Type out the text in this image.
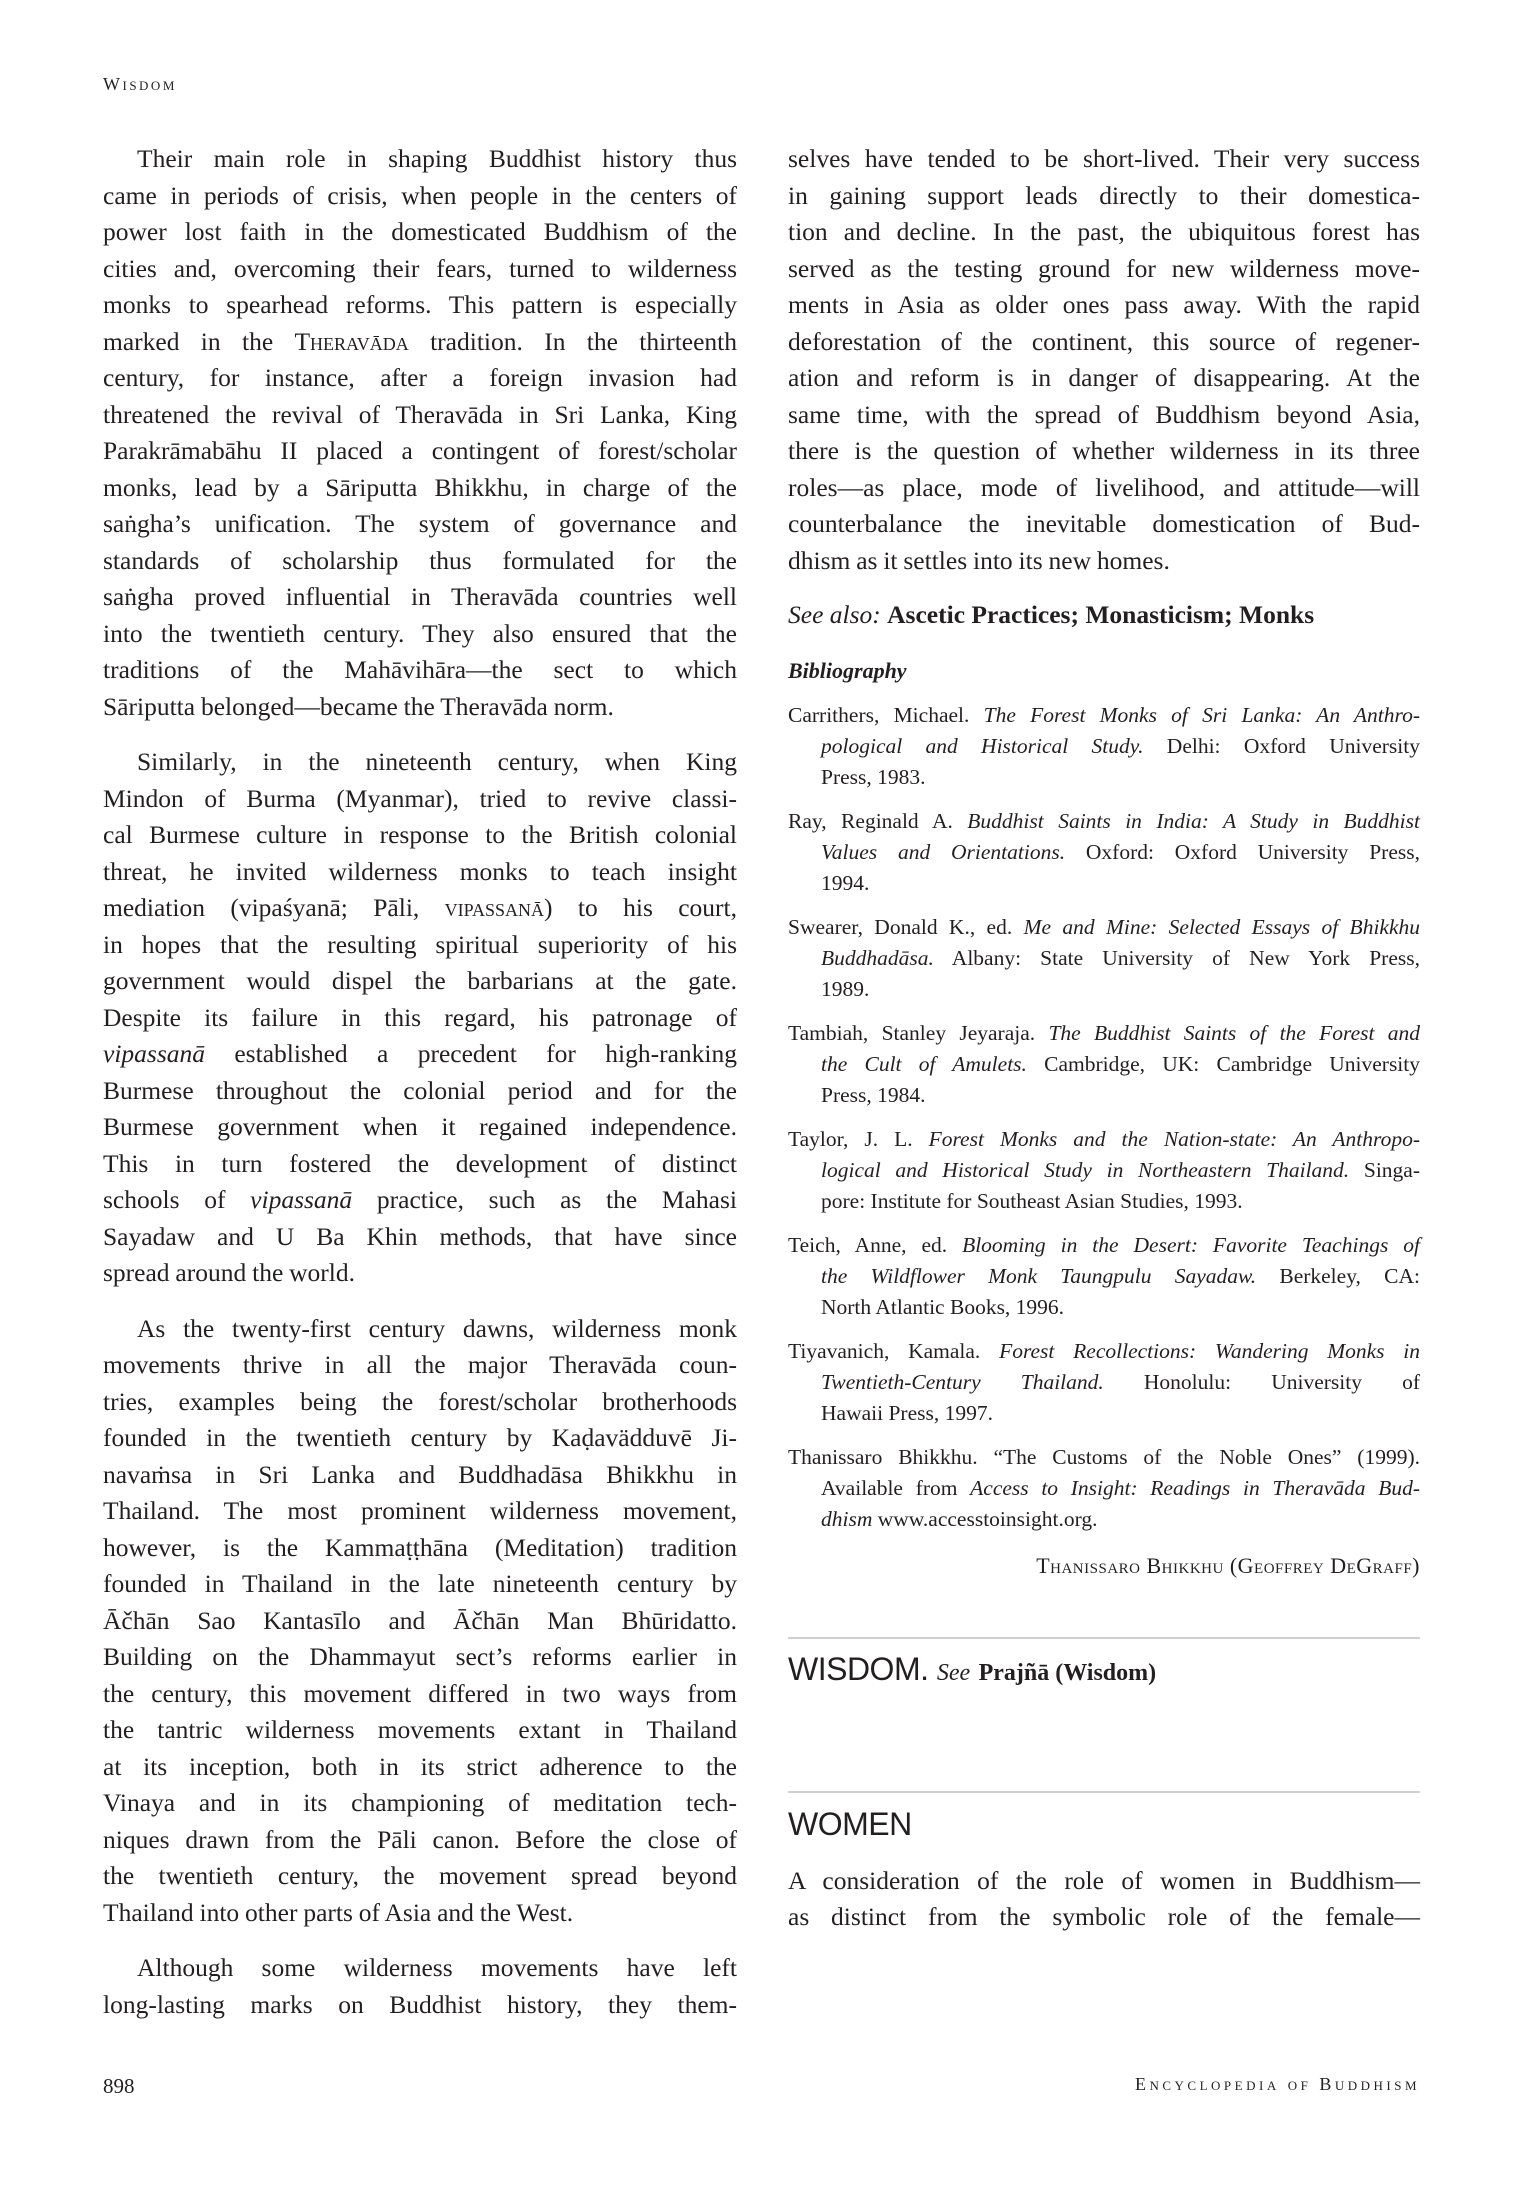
Wisdom
Their main role in shaping Buddhist history thus
came in periods of crisis, when people in the centers of
power lost faith in the domesticated Buddhism of the
cities and, overcoming their fears, turned to wilderness
monks to spearhead reforms. This pattern is especially
marked in the Theravāda tradition. In the thirteenth
century, for instance, after a foreign invasion had
threatened the revival of Theravāda in Sri Lanka, King
Parakrāmabāhu II placed a contingent of forest/scholar
monks, lead by a Sāriputta Bhikkhu, in charge of the
saṅgha’s unification. The system of governance and
standards of scholarship thus formulated for the
saṅgha proved influential in Theravāda countries well
into the twentieth century. They also ensured that the
traditions of the Mahāvihāra—the sect to which
Sāriputta belonged—became the Theravāda norm.
Similarly, in the nineteenth century, when King
Mindon of Burma (Myanmar), tried to revive classi-
cal Burmese culture in response to the British colonial
threat, he invited wilderness monks to teach insight
mediation (vipaśyanā; Pāli, vipassanā) to his court,
in hopes that the resulting spiritual superiority of his
government would dispel the barbarians at the gate.
Despite its failure in this regard, his patronage of
vipassanā established a precedent for high-ranking
Burmese throughout the colonial period and for the
Burmese government when it regained independence.
This in turn fostered the development of distinct
schools of vipassanā practice, such as the Mahasi
Sayadaw and U Ba Khin methods, that have since
spread around the world.
As the twenty-first century dawns, wilderness monk
movements thrive in all the major Theravāda coun-
tries, examples being the forest/scholar brotherhoods
founded in the twentieth century by Kaḍavädduvē Ji-
navaṁsa in Sri Lanka and Buddhadāsa Bhikkhu in
Thailand. The most prominent wilderness movement,
however, is the Kammaṭṭhāna (Meditation) tradition
founded in Thailand in the late nineteenth century by
Āčhān Sao Kantasīlo and Āčhān Man Bhūridatto.
Building on the Dhammayut sect’s reforms earlier in
the century, this movement differed in two ways from
the tantric wilderness movements extant in Thailand
at its inception, both in its strict adherence to the
Vinaya and in its championing of meditation tech-
niques drawn from the Pāli canon. Before the close of
the twentieth century, the movement spread beyond
Thailand into other parts of Asia and the West.
Although some wilderness movements have left
long-lasting marks on Buddhist history, they them-
selves have tended to be short-lived. Their very success
in gaining support leads directly to their domestica-
tion and decline. In the past, the ubiquitous forest has
served as the testing ground for new wilderness move-
ments in Asia as older ones pass away. With the rapid
deforestation of the continent, this source of regener-
ation and reform is in danger of disappearing. At the
same time, with the spread of Buddhism beyond Asia,
there is the question of whether wilderness in its three
roles—as place, mode of livelihood, and attitude—will
counterbalance the inevitable domestication of Bud-
dhism as it settles into its new homes.
See also: Ascetic Practices; Monasticism; Monks
Bibliography
Carrithers, Michael. The Forest Monks of Sri Lanka: An Anthro-
pological and Historical Study. Delhi: Oxford University
Press, 1983.
Ray, Reginald A. Buddhist Saints in India: A Study in Buddhist
Values and Orientations. Oxford: Oxford University Press,
1994.
Swearer, Donald K., ed. Me and Mine: Selected Essays of Bhikkhu
Buddhadāsa. Albany: State University of New York Press,
1989.
Tambiah, Stanley Jeyaraja. The Buddhist Saints of the Forest and
the Cult of Amulets. Cambridge, UK: Cambridge University
Press, 1984.
Taylor, J. L. Forest Monks and the Nation-state: An Anthropo-
logical and Historical Study in Northeastern Thailand. Singa-
pore: Institute for Southeast Asian Studies, 1993.
Teich, Anne, ed. Blooming in the Desert: Favorite Teachings of
the Wildflower Monk Taungpulu Sayadaw. Berkeley, CA:
North Atlantic Books, 1996.
Tiyavanich, Kamala. Forest Recollections: Wandering Monks in
Twentieth-Century Thailand. Honolulu: University of
Hawaii Press, 1997.
Thanissaro Bhikkhu. “The Customs of the Noble Ones” (1999).
Available from Access to Insight: Readings in Theravāda Bud-
dhism www.accesstoinsight.org.
Thanissaro Bhikkhu (Geoffrey DeGraff)
WISDOM. See Prajñā (Wisdom)
WOMEN
A consideration of the role of women in Buddhism—
as distinct from the symbolic role of the female—
898	Encyclopedia of Buddhism
